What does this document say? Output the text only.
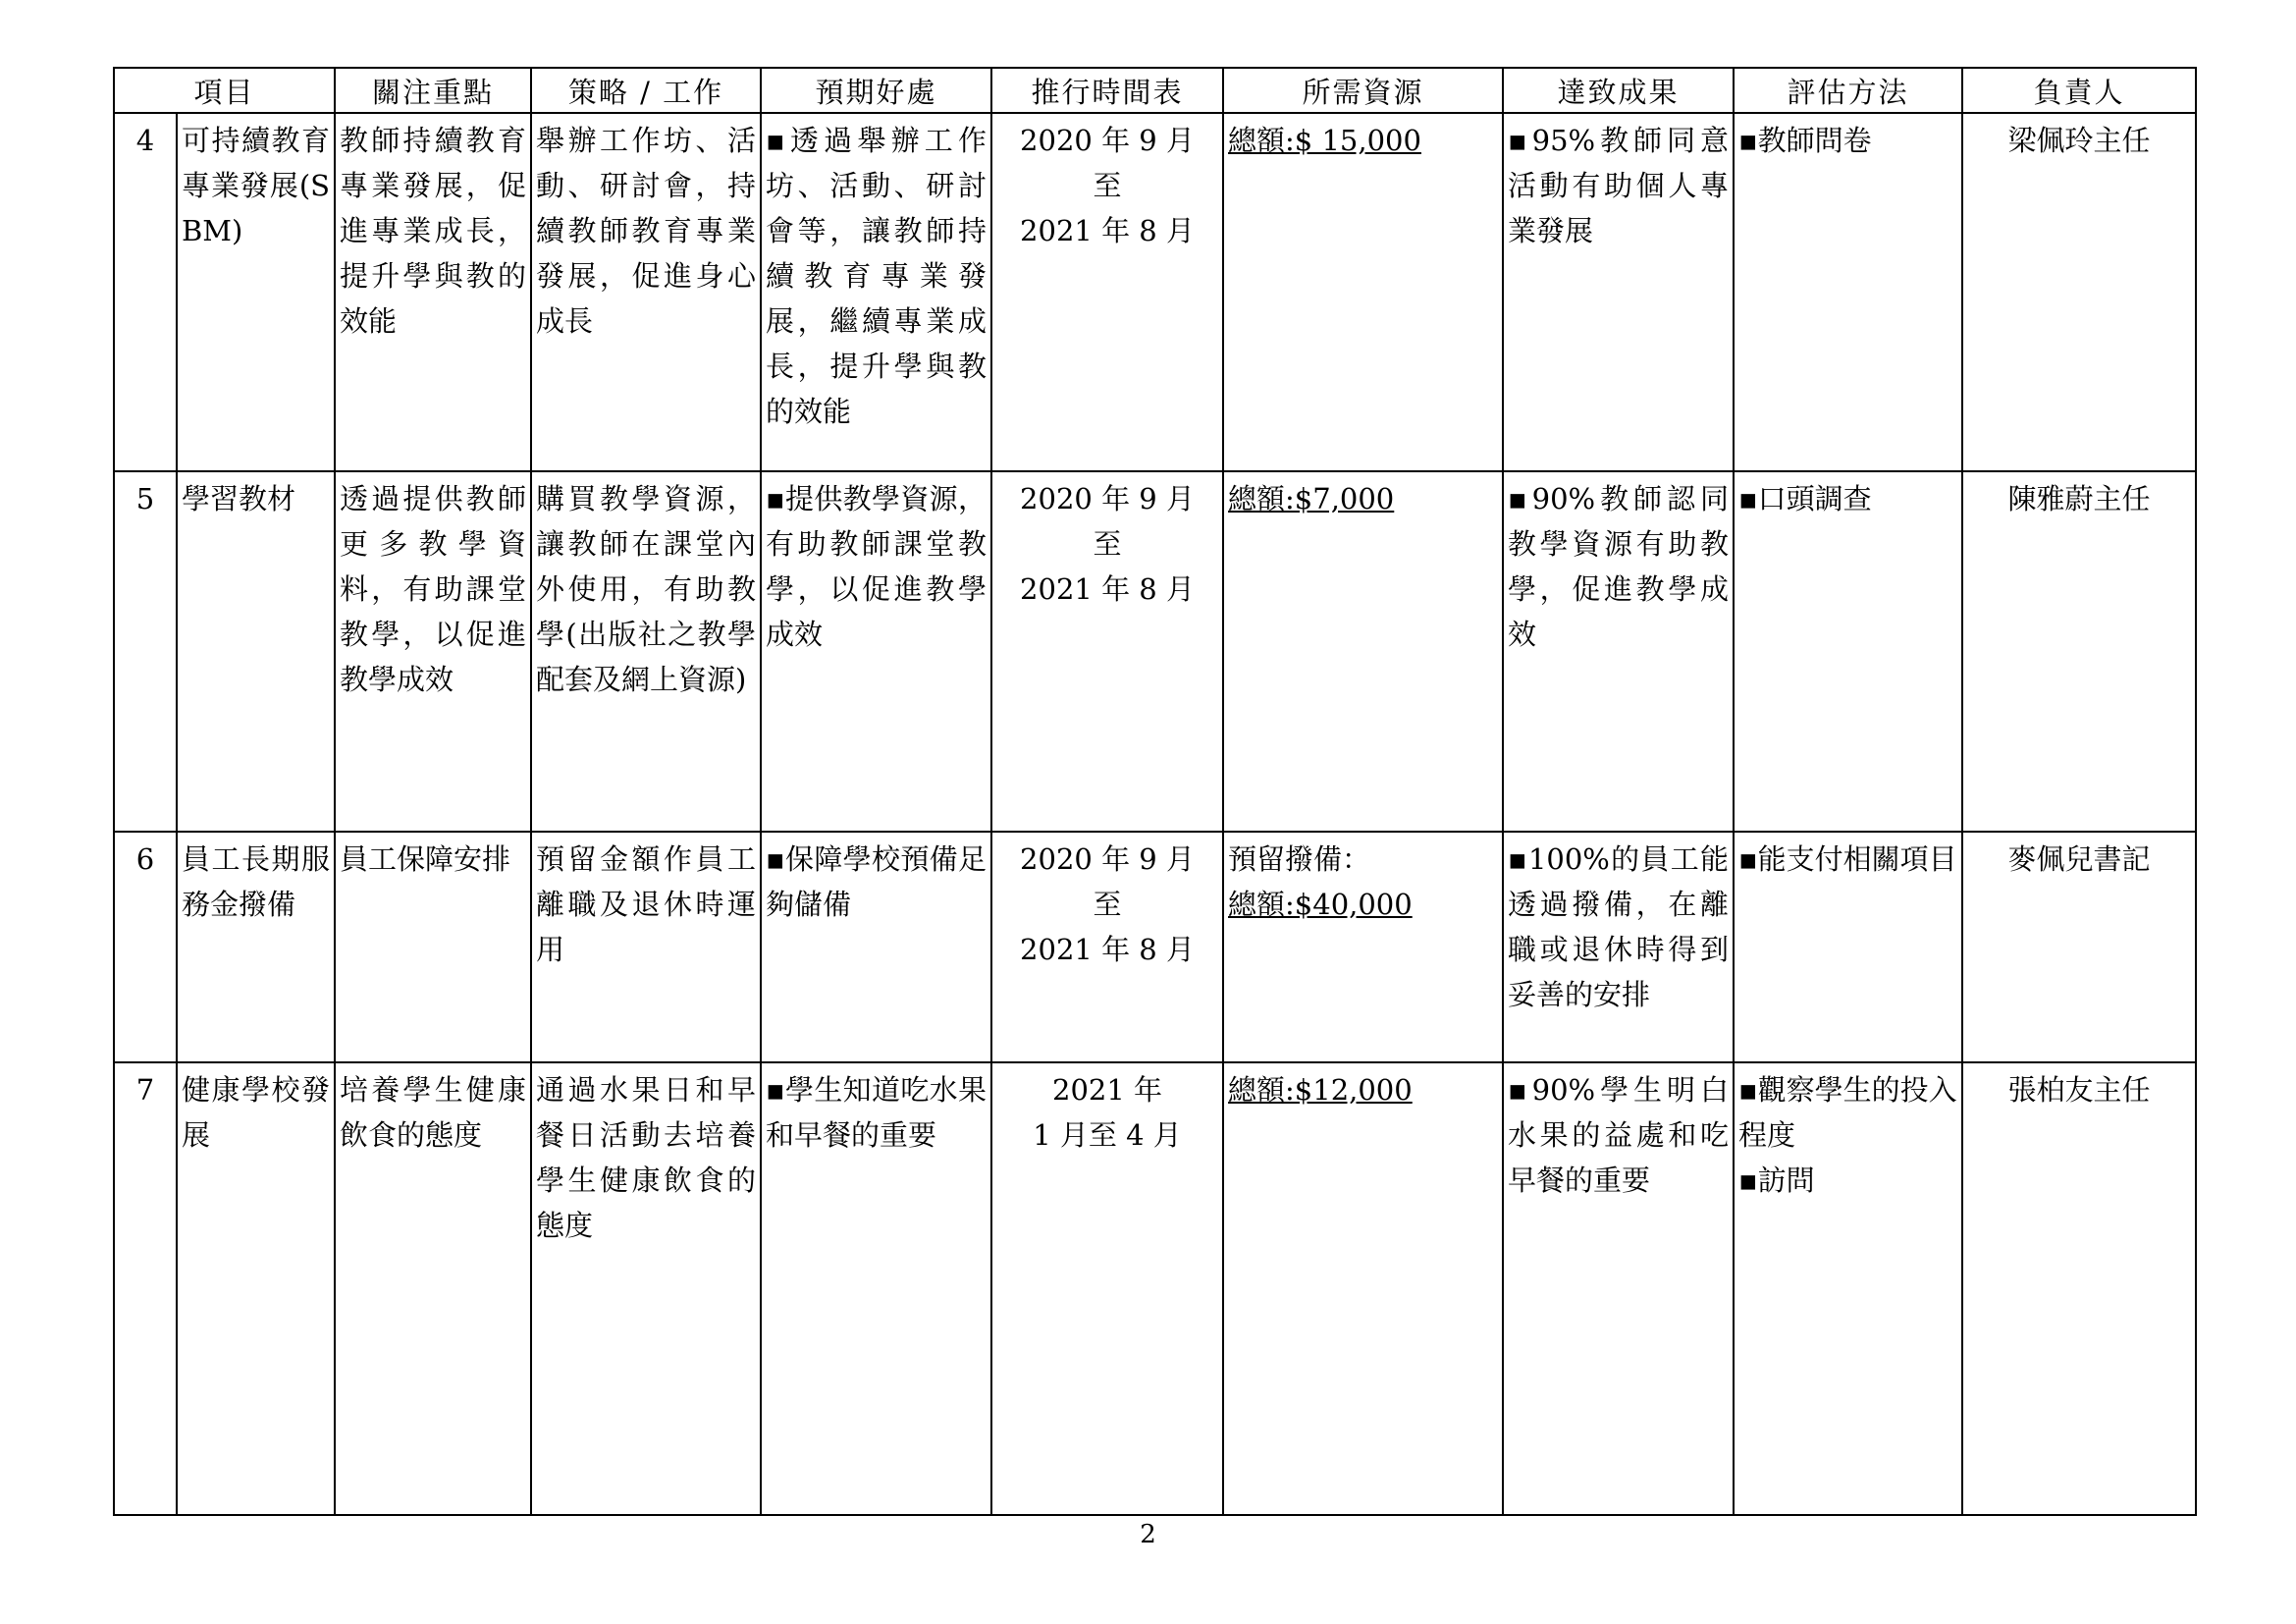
項目		關注重點	策略 / 工作	預期好處	推行時間表	所需資源	達致成果	評估方法	負責人
4	可持續教育專業發展(SBM)	教師持續教育專業發展，促進專業成長，提升學與教的效能	舉辦工作坊、活動、研討會，持續教師教育專業發展，促進身心成長	▪透過舉辦工作坊、活動、研討會等，讓教師持續教育專業發展，繼續專業成長，提升學與教的效能	2020 年 9 月
至
2021 年 8 月	總額:$ 15,000	▪95%教師同意活動有助個人專業發展	▪教師問卷	梁佩玲主任
5	學習教材	透過提供教師更多教學資料，有助課堂教學，以促進教學成效	購買教學資源，讓教師在課堂內外使用，有助教學(出版社之教學配套及網上資源)	▪提供教學資源，有助教師課堂教學，以促進教學成效	2020 年 9 月
至
2021 年 8 月	總額:$7,000	▪90%教師認同教學資源有助教學，促進教學成效	▪口頭調查	陳雅蔚主任
6	員工長期服務金撥備	員工保障安排	預留金額作員工離職及退休時運用	▪保障學校預備足夠儲備	2020 年 9 月
至
2021 年 8 月	預留撥備：
總額:$40,000	▪100%的員工能透過撥備，在離職或退休時得到妥善的安排	▪能支付相關項目	麥佩兒書記
7	健康學校發展	培養學生健康飲食的態度	通過水果日和早餐日活動去培養學生健康飲食的態度	▪學生知道吃水果和早餐的重要	2021 年
1 月至 4 月	總額:$12,000	▪90%學生明白水果的益處和吃早餐的重要	▪觀察學生的投入程度
▪訪問	張柏友主任
2
